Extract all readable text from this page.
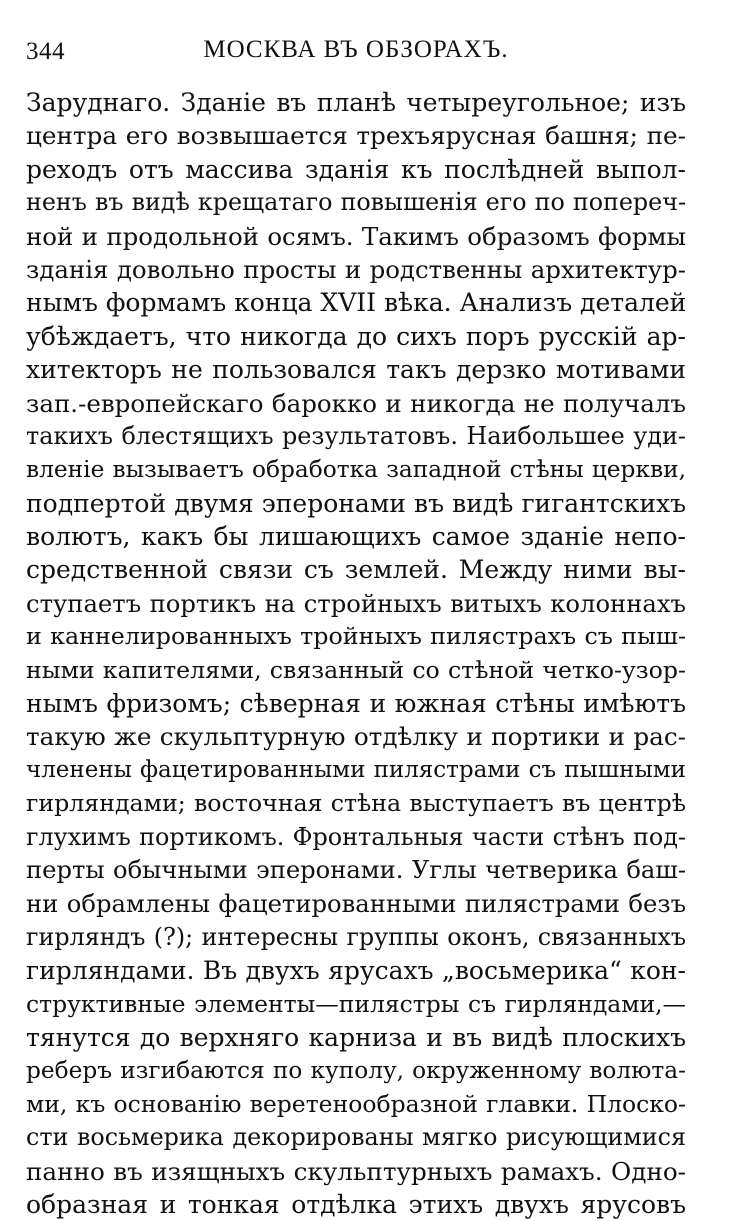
344	МОСКВА ВЪ ОБЗОРАХЪ.
Заруднаго. Зданіе въ планѣ четыреугольное; изъ
центра его возвышается трехъярусная башня; пе-
реходъ отъ массива зданія къ послѣдней выпол-
ненъ въ видѣ крещатаго повышенія его по попереч-
ной и продольной осямъ. Такимъ образомъ формы
зданія довольно просты и родственны архитектур-
нымъ формамъ конца XVII вѣка. Анализъ деталей
убѣждаетъ, что никогда до сихъ поръ русскій ар-
хитекторъ не пользовался такъ дерзко мотивами
зап.-европейскаго барокко и никогда не получалъ
такихъ блестящихъ результатовъ. Наибольшее уди-
вленіе вызываетъ обработка западной стѣны церкви,
подпертой двумя эперонами въ видѣ гигантскихъ
волютъ, какъ бы лишающихъ самое зданіе непо-
средственной связи съ землей. Между ними вы-
ступаетъ портикъ на стройныхъ витыхъ колоннахъ
и каннелированныхъ тройныхъ пилястрахъ съ пыш-
ными капителями, связанный со стѣной четко-узор-
нымъ фризомъ; сѣверная и южная стѣны имѣютъ
такую же скульптурную отдѣлку и портики и рас-
членены фацетированными пилястрами съ пышными
гирляндами; восточная стѣна выступаетъ въ центрѣ
глухимъ портикомъ. Фронтальныя части стѣнъ под-
перты обычными эперонами. Углы четверика баш-
ни обрамлены фацетированными пилястрами безъ
гирляндъ (?); интересны группы оконъ, связанныхъ
гирляндами. Въ двухъ ярусахъ „восьмерика“ кон-
структивные элементы—пилястры съ гирляндами,—
тянутся до верхняго карниза и въ видѣ плоскихъ
реберъ изгибаются по куполу, окруженному волюта-
ми, къ основанію веретенообразной главки. Плоско-
сти восьмерика декорированы мягко рисующимися
панно въ изящныхъ скульптурныхъ рамахъ. Одно-
образная и тонкая отдѣлка этихъ двухъ ярусовъ
